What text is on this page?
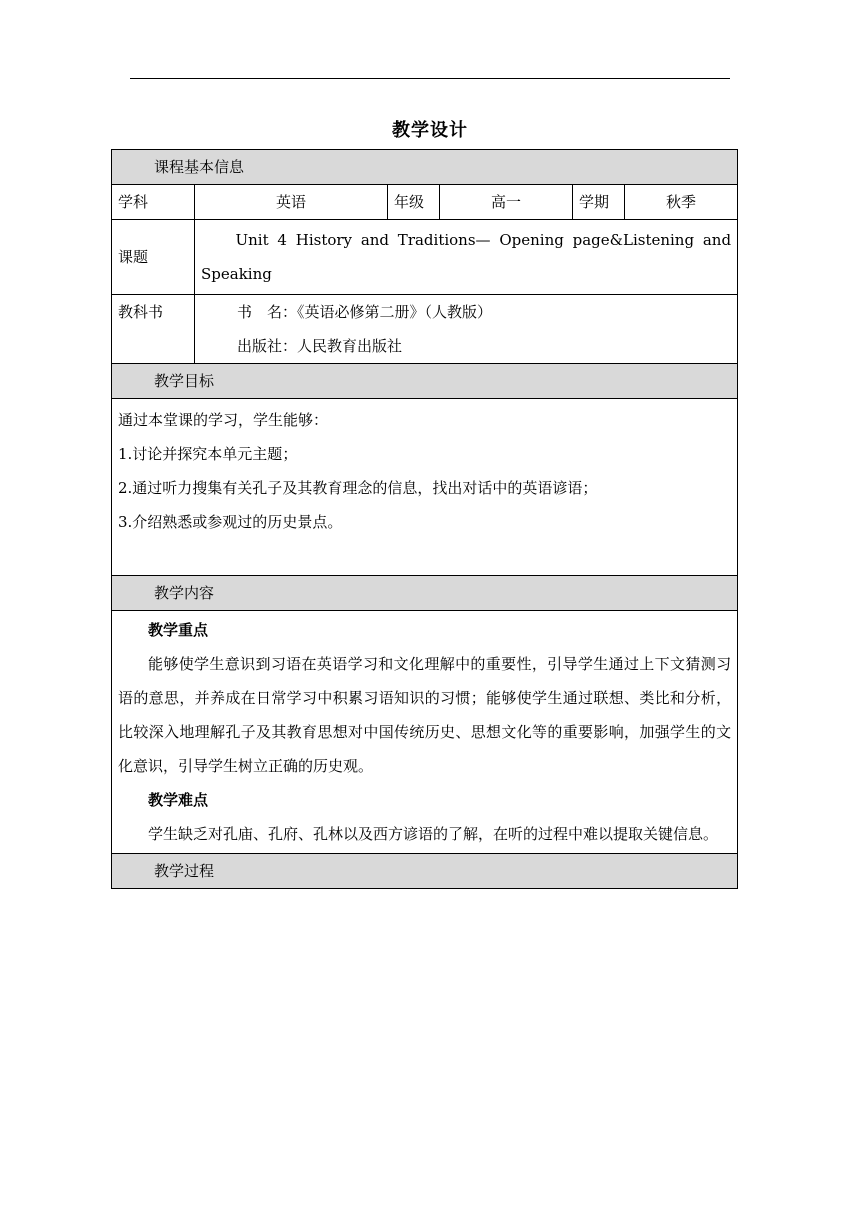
教学设计
课程基本信息					
学科	英语	年级	高一	学期	秋季
课题	Unit 4 History and Traditions— Opening page&Listening and Speaking				
教科书	书　名：《英语必修第二册》（人教版）
出版社：人民教育出版社				

教学目标					

通过本堂课的学习，学生能够：
1.讨论并探究本单元主题；
2.通过听力搜集有关孔子及其教育理念的信息，找出对话中的英语谚语；
3.介绍熟悉或参观过的历史景点。					

教学内容					

教学重点
能够使学生意识到习语在英语学习和文化理解中的重要性，引导学生通过上下文猜测习语的意思，并养成在日常学习中积累习语知识的习惯；能够使学生通过联想、类比和分析，比较深入地理解孔子及其教育思想对中国传统历史、思想文化等的重要影响，加强学生的文化意识，引导学生树立正确的历史观。
教学难点
学生缺乏对孔庙、孔府、孔林以及西方谚语的了解，在听的过程中难以提取关键信息。					

教学过程					
